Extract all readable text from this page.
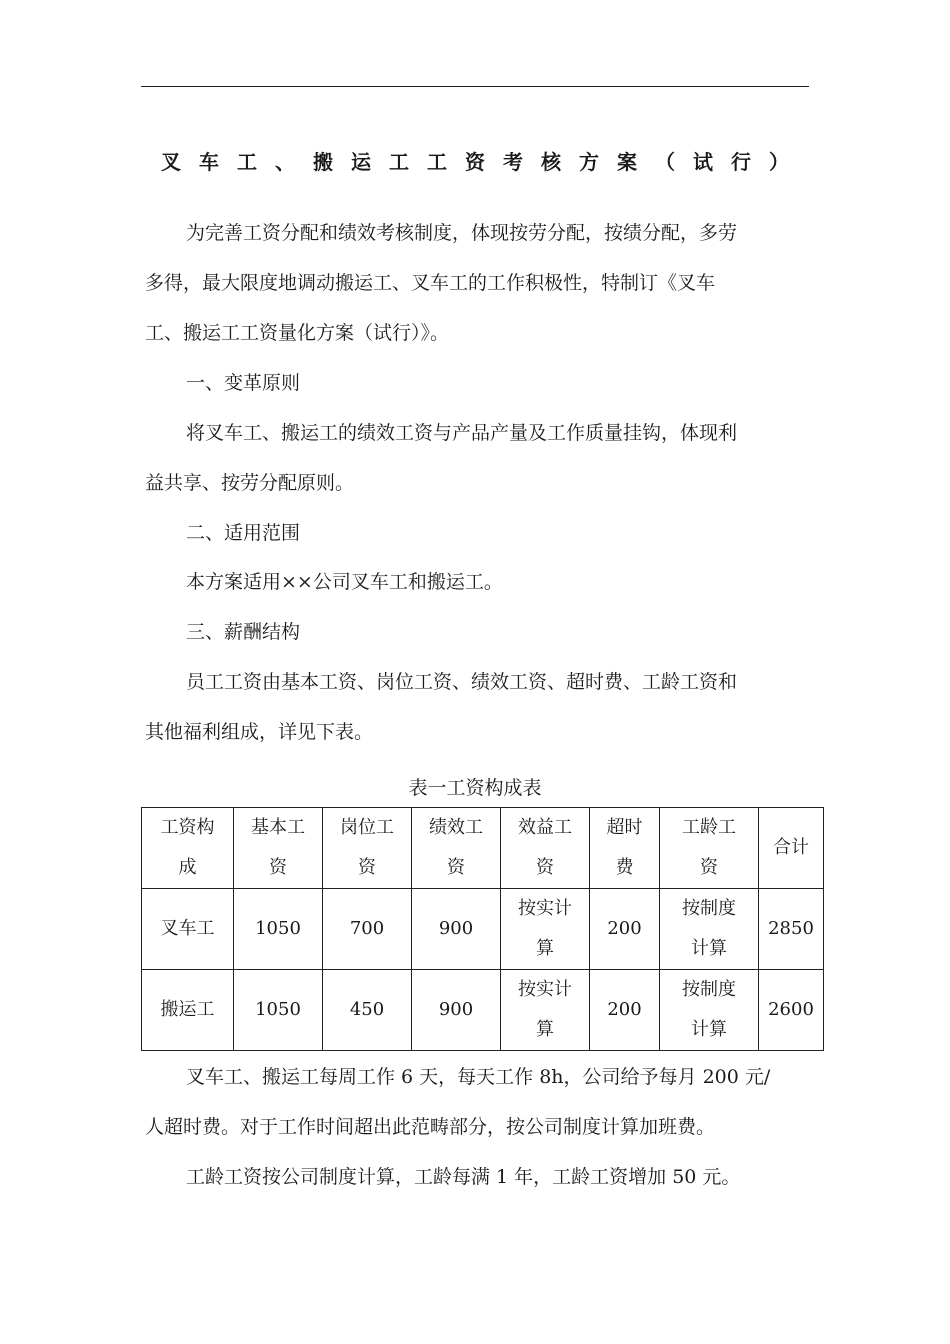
叉 车 工 、 搬 运 工 工 资 考 核 方 案 （ 试 行 ）
为完善工资分配和绩效考核制度，体现按劳分配，按绩分配，多劳
多得，最大限度地调动搬运工、叉车工的工作积极性，特制订《叉车
工、搬运工工资量化方案（试行）》。
一、变革原则
将叉车工、搬运工的绩效工资与产品产量及工作质量挂钩，体现利
益共享、按劳分配原则。
二、适用范围
本方案适用××公司叉车工和搬运工。
三、薪酬结构
员工工资由基本工资、岗位工资、绩效工资、超时费、工龄工资和
其他福利组成，详见下表。
表一工资构成表
工资构
成	基本工
资	岗位工
资	绩效工
资	效益工
资	超时
费	工龄工
资	合计

叉车工	1050	700	900	按实计
算	200	按制度
计算	2850

搬运工	1050	450	900	按实计
算	200	按制度
计算	2600
叉车工、搬运工每周工作 6 天，每天工作 8h，公司给予每月 200 元/
人超时费。对于工作时间超出此范畴部分，按公司制度计算加班费。
工龄工资按公司制度计算，工龄每满 1 年，工龄工资增加 50 元。
